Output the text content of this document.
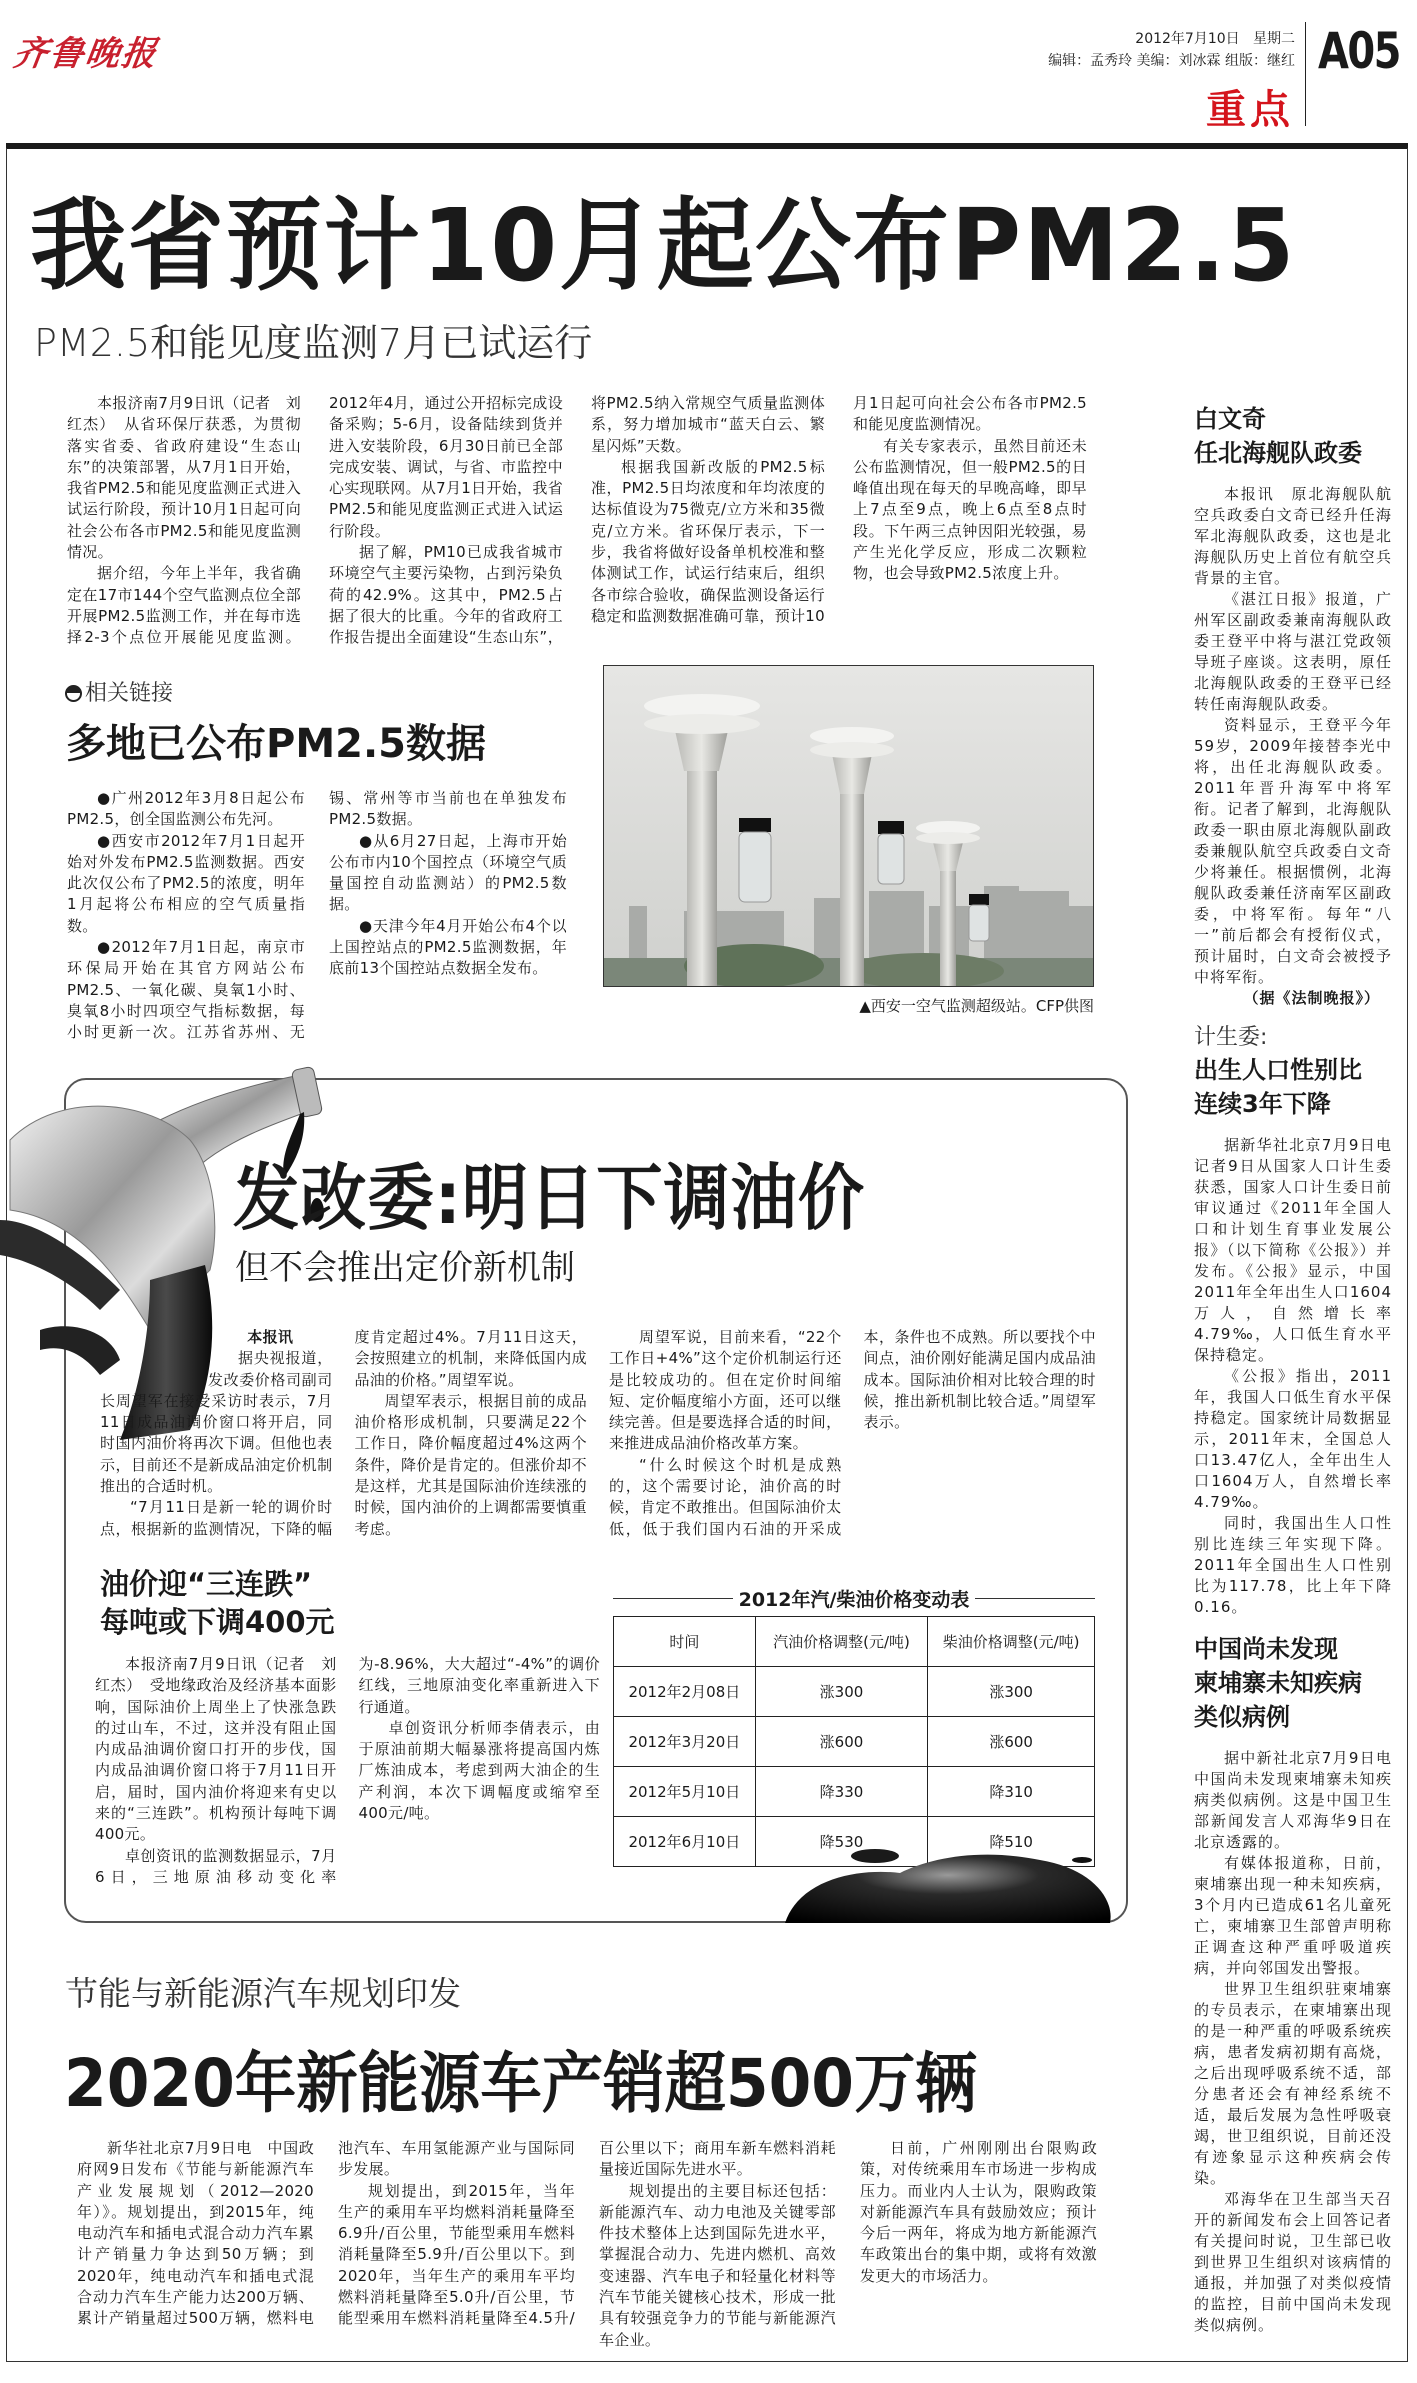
齐鲁晚报	2012年7月10日 星期二
编辑：孟秀玲 美编：刘冰霖 组版：继红
重点
A05
我省预计10月起公布PM2.5
PM2.5和能见度监测7月已试运行

本报济南7月9日讯（记者　刘红杰）　从省环保厅获悉，为贯彻落实省委、省政府建设“生态山东”的决策部署，从7月1日开始，我省PM2.5和能见度监测正式进入试运行阶段，预计10月1日起可向社会公布各市PM2.5和能见度监测情况。

据介绍，今年上半年，我省确定在17市144个空气监测点位全部开展PM2.5监测工作，并在每市选择2-3个点位开展能见度监测。2012年4月，通过公开招标完成设备采购；5-6月，设备陆续到货并进入安装阶段，6月30日前已全部完成安装、调试，与省、市监控中心实现联网。从7月1日开始，我省PM2.5和能见度监测正式进入试运行阶段。

据了解，PM10已成我省城市环境空气主要污染物，占到污染负荷的42.9%。这其中，PM2.5占据了很大的比重。今年的省政府工作报告提出全面建设“生态山东”，将PM2.5纳入常规空气质量监测体系，努力增加城市“蓝天白云、繁星闪烁”天数。

根据我国新改版的PM2.5标准，PM2.5日均浓度和年均浓度的达标值设为75微克/立方米和35微克/立方米。省环保厅表示，下一步，我省将做好设备单机校准和整体测试工作，试运行结束后，组织各市综合验收，确保监测设备运行稳定和监测数据准确可靠，预计10月1日起可向社会公布各市PM2.5和能见度监测情况。

有关专家表示，虽然目前还未公布监测情况，但一般PM2.5的日峰值出现在每天的早晚高峰，即早上7点至9点，晚上6点至8点时段。下午两三点钟因阳光较强，易产生光化学反应，形成二次颗粒物，也会导致PM2.5浓度上升。

相关链接
多地已公布PM2.5数据

●广州2012年3月8日起公布PM2.5，创全国监测公布先河。

●西安市2012年7月1日起开始对外发布PM2.5监测数据。西安此次仅公布了PM2.5的浓度，明年1月起将公布相应的空气质量指数。

●2012年7月1日起，南京市环保局开始在其官方网站公布PM2.5、一氧化碳、臭氧1小时、臭氧8小时四项空气指标数据，每小时更新一次。江苏省苏州、无锡、常州等市当前也在单独发布PM2.5数据。

●从6月27日起，上海市开始公布市内10个国控点（环境空气质量国控自动监测站）的PM2.5数据。

●天津今年4月开始公布4个以上国控站点的PM2.5监测数据，年底前13个国控站点数据全发布。

▲西安一空气监测超级站。CFP供图
白文奇
任北海舰队政委

本报讯　原北海舰队航空兵政委白文奇已经升任海军北海舰队政委，这也是北海舰队历史上首位有航空兵背景的主官。

《湛江日报》报道，广州军区副政委兼南海舰队政委王登平中将与湛江党政领导班子座谈。这表明，原任北海舰队政委的王登平已经转任南海舰队政委。

资料显示，王登平今年59岁，2009年接替李光中将，出任北海舰队政委。2011年晋升海军中将军衔。记者了解到，北海舰队政委一职由原北海舰队副政委兼舰队航空兵政委白文奇少将兼任。根据惯例，北海舰队政委兼任济南军区副政委，中将军衔。每年“八一”前后都会有授衔仪式，预计届时，白文奇会被授予中将军衔。

（据《法制晚报》）

计生委:
出生人口性别比
连续3年下降

据新华社北京7月9日电　记者9日从国家人口计生委获悉，国家人口计生委日前审议通过《2011年全国人口和计划生育事业发展公报》（以下简称《公报》）并发布。《公报》显示，中国2011年全年出生人口1604万人，自然增长率4.79‰，人口低生育水平保持稳定。

《公报》指出，2011年，我国人口低生育水平保持稳定。国家统计局数据显示，2011年末，全国总人口13.47亿人，全年出生人口1604万人，自然增长率4.79‰。

同时，我国出生人口性别比连续三年实现下降。2011年全国出生人口性别比为117.78，比上年下降0.16。

中国尚未发现
柬埔寨未知疾病
类似病例

据中新社北京7月9日电　中国尚未发现柬埔寨未知疾病类似病例。这是中国卫生部新闻发言人邓海华9日在北京透露的。

有媒体报道称，日前，柬埔寨出现一种未知疾病，3个月内已造成61名儿童死亡，柬埔寨卫生部曾声明称正调查这种严重呼吸道疾病，并向邻国发出警报。

世界卫生组织驻柬埔寨的专员表示，在柬埔寨出现的是一种严重的呼吸系统疾病，患者发病初期有高烧，之后出现呼吸系统不适，部分患者还会有神经系统不适，最后发展为急性呼吸衰竭，世卫组织说，目前还没有迹象显示这种疾病会传染。

邓海华在卫生部当天召开的新闻发布会上回答记者有关提问时说，卫生部已收到世界卫生组织对该病情的通报，并加强了对类似疫情的监控，目前中国尚未发现类似病例。

发改委:明日下调油价
但不会推出定价新机制

本报讯

据央视报道，发改委价格司副司长周望军在接受采访时表示，7月11日成品油调价窗口将开启，同时国内油价将再次下调。但他也表示，目前还不是新成品油定价机制推出的合适时机。

“7月11日是新一轮的调价时点，根据新的监测情况，下降的幅度肯定超过4%。7月11日这天，会按照建立的机制，来降低国内成品油的价格。”周望军说。

周望军表示，根据目前的成品油价格形成机制，只要满足22个工作日，降价幅度超过4%这两个条件，降价是肯定的。但涨价却不是这样，尤其是国际油价连续涨的时候，国内油价的上调都需要慎重考虑。

周望军说，目前来看，“22个工作日+4%”这个定价机制运行还是比较成功的。但在定价时间缩短、定价幅度缩小方面，还可以继续完善。但是要选择合适的时间，来推进成品油价格改革方案。

“什么时候这个时机是成熟的，这个需要讨论，油价高的时候，肯定不敢推出。但国际油价太低，低于我们国内石油的开采成本，条件也不成熟。所以要找个中间点，油价刚好能满足国内成品油成本。国际油价相对比较合理的时候，推出新机制比较合适。”周望军表示。

油价迎“三连跌”
每吨或下调400元

本报济南7月9日讯（记者　刘红杰）　受地缘政治及经济基本面影响，国际油价上周坐上了快涨急跌的过山车，不过，这并没有阻止国内成品油调价窗口打开的步伐，国内成品油调价窗口将于7月11日开启，届时，国内油价将迎来有史以来的“三连跌”。机构预计每吨下调400元。

卓创资讯的监测数据显示，7月6日，三地原油移动变化率为-8.96%，大大超过“-4%”的调价红线，三地原油变化率重新进入下行通道。

卓创资讯分析师李倩表示，由于原油前期大幅暴涨将提高国内炼厂炼油成本，考虑到两大油企的生产利润，本次下调幅度或缩窄至400元/吨。

2012年汽/柴油价格变动表
时间	汽油价格调整(元/吨)	柴油价格调整(元/吨)
2012年2月08日	涨300	涨300
2012年3月20日	涨600	涨600
2012年5月10日	降330	降310
2012年6月10日	降530	降510
节能与新能源汽车规划印发
2020年新能源车产销超500万辆

新华社北京7月9日电　中国政府网9日发布《节能与新能源汽车产业发展规划（2012—2020年）》。规划提出，到2015年，纯电动汽车和插电式混合动力汽车累计产销量力争达到50万辆；到2020年，纯电动汽车和插电式混合动力汽车生产能力达200万辆、累计产销量超过500万辆，燃料电池汽车、车用氢能源产业与国际同步发展。

规划提出，到2015年，当年生产的乘用车平均燃料消耗量降至6.9升/百公里，节能型乘用车燃料消耗量降至5.9升/百公里以下。到2020年，当年生产的乘用车平均燃料消耗量降至5.0升/百公里，节能型乘用车燃料消耗量降至4.5升/百公里以下；商用车新车燃料消耗量接近国际先进水平。

规划提出的主要目标还包括：新能源汽车、动力电池及关键零部件技术整体上达到国际先进水平，掌握混合动力、先进内燃机、高效变速器、汽车电子和轻量化材料等汽车节能关键核心技术，形成一批具有较强竞争力的节能与新能源汽车企业。

日前，广州刚刚出台限购政策，对传统乘用车市场进一步构成压力。而业内人士认为，限购政策对新能源汽车具有鼓励效应；预计今后一两年，将成为地方新能源汽车政策出台的集中期，或将有效激发更大的市场活力。
